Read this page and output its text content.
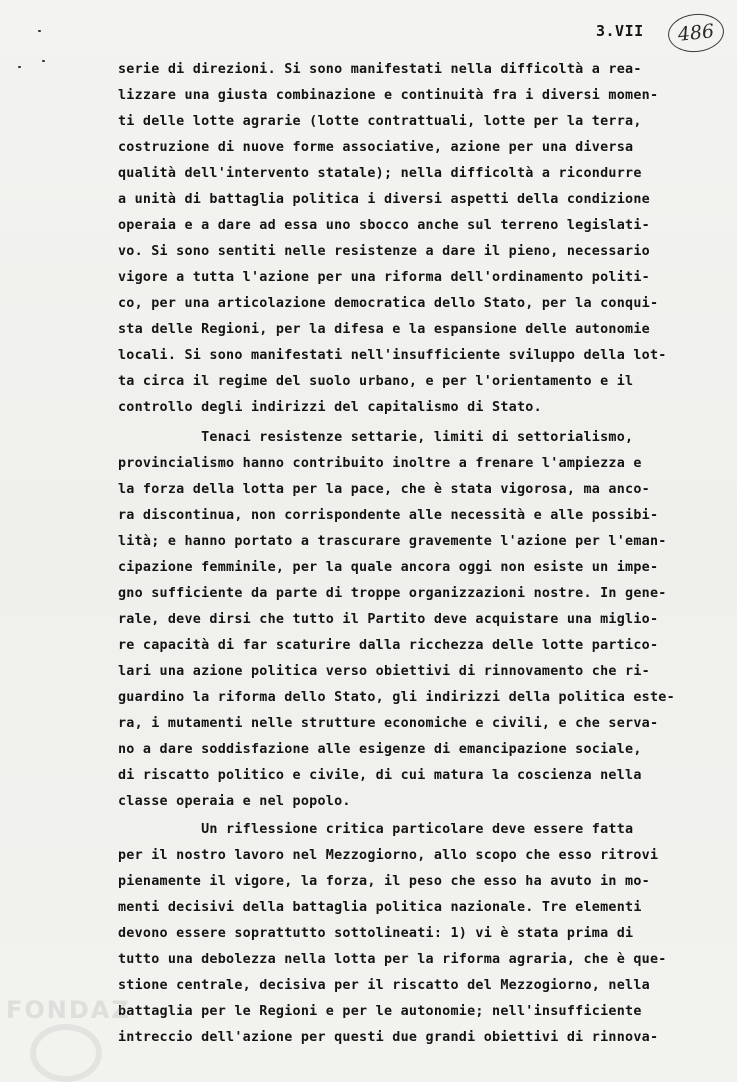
3.VII	486
serie di direzioni. Si sono manifestati nella difficoltà a rea-
lizzare una giusta combinazione e continuità fra i diversi momen-
ti delle lotte agrarie (lotte contrattuali, lotte per la terra,
costruzione di nuove forme associative, azione per una diversa
qualità dell'intervento statale); nella difficoltà a ricondurre
a unità di battaglia politica i diversi aspetti della condizione
operaia e a dare ad essa uno sbocco anche sul terreno legislati-
vo. Si sono sentiti nelle resistenze a dare il pieno, necessario
vigore a tutta l'azione per una riforma dell'ordinamento politi-
co, per una articolazione democratica dello Stato, per la conqui-
sta delle Regioni, per la difesa e la espansione delle autonomie
locali. Si sono manifestati nell'insufficiente sviluppo della lot-
ta circa il regime del suolo urbano, e per l'orientamento e il
controllo degli indirizzi del capitalismo di Stato.
Tenaci resistenze settarie, limiti di settorialismo,
provincialismo hanno contribuito inoltre a frenare l'ampiezza e
la forza della lotta per la pace, che è stata vigorosa, ma anco-
ra discontinua, non corrispondente alle necessità e alle possibi-
lità; e hanno portato a trascurare gravemente l'azione per l'eman-
cipazione femminile, per la quale ancora oggi non esiste un impe-
gno sufficiente da parte di troppe organizzazioni nostre. In gene-
rale, deve dirsi che tutto il Partito deve acquistare una miglio-
re capacità di far scaturire dalla ricchezza delle lotte partico-
lari una azione politica verso obiettivi di rinnovamento che ri-
guardino la riforma dello Stato, gli indirizzi della politica este-
ra, i mutamenti nelle strutture economiche e civili, e che serva-
no a dare soddisfazione alle esigenze di emancipazione sociale,
di riscatto politico e civile, di cui matura la coscienza nella
classe operaia e nel popolo.
Un riflessione critica particolare deve essere fatta
per il nostro lavoro nel Mezzogiorno, allo scopo che esso ritrovi
pienamente il vigore, la forza, il peso che esso ha avuto in mo-
menti decisivi della battaglia politica nazionale. Tre elementi
devono essere soprattutto sottolineati: 1) vi è stata prima di
tutto una debolezza nella lotta per la riforma agraria, che è que-
stione centrale, decisiva per il riscatto del Mezzogiorno, nella
battaglia per le Regioni e per le autonomie; nell'insufficiente
intreccio dell'azione per questi due grandi obiettivi di rinnova-
FONDAZ
